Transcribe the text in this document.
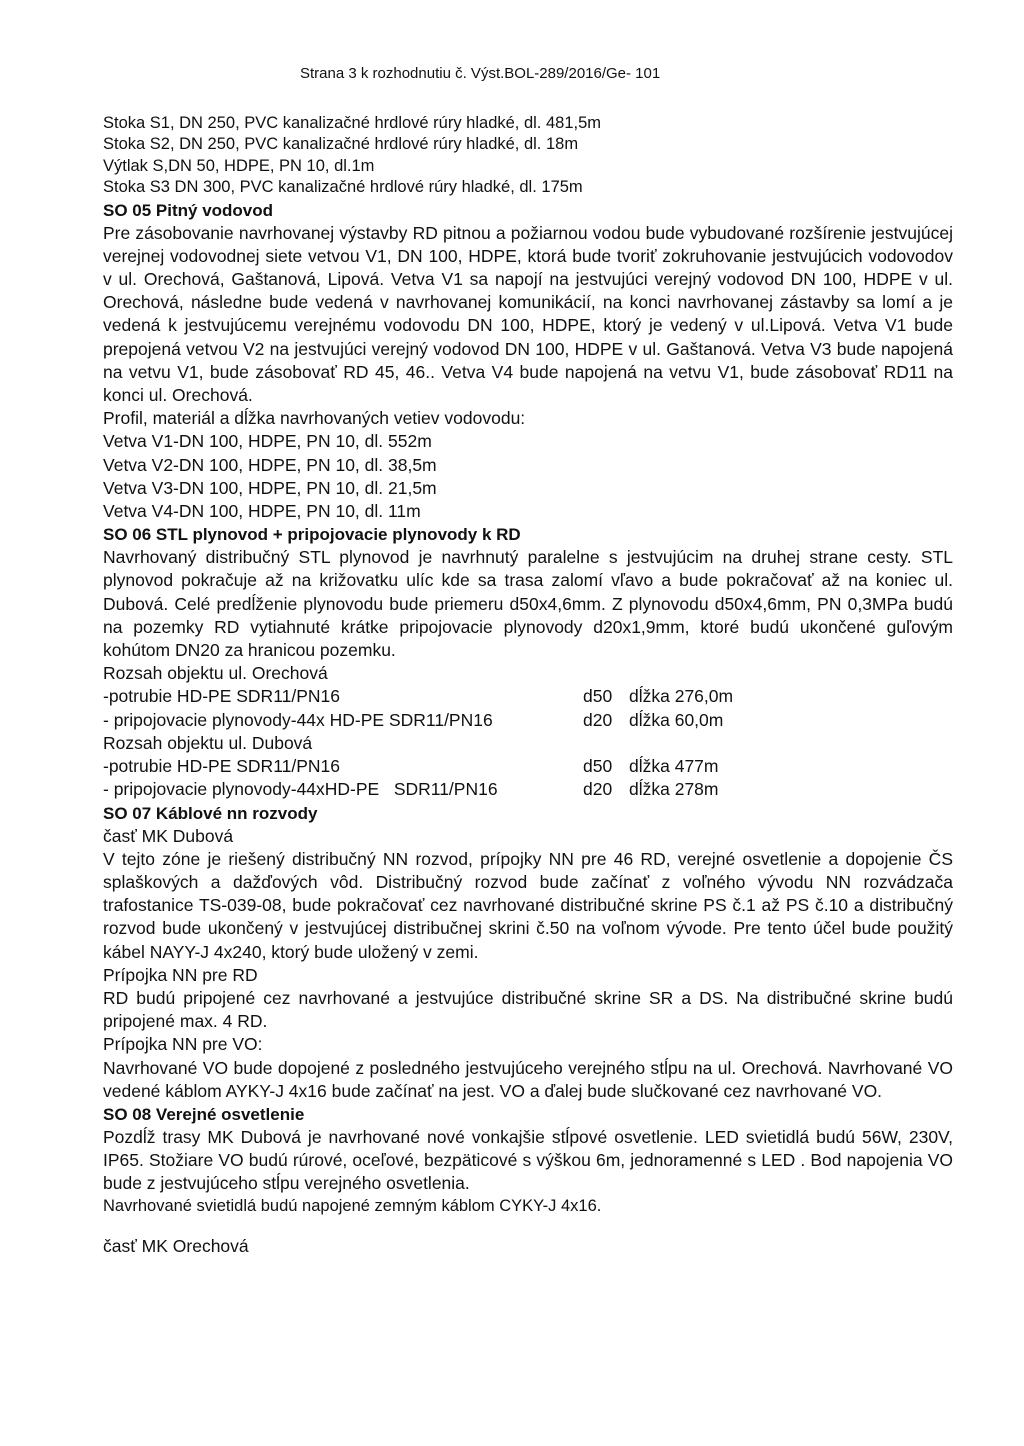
Strana 3 k rozhodnutiu č. Výst.BOL-289/2016/Ge- 101

Stoka S1, DN 250, PVC kanalizačné hrdlové rúry hladké, dl. 481,5m

Stoka S2, DN 250, PVC kanalizačné hrdlové rúry hladké, dl. 18m

Výtlak S,DN 50, HDPE, PN 10, dl.1m

Stoka S3 DN 300, PVC kanalizačné hrdlové rúry hladké, dl. 175m

SO 05 Pitný vodovod

Pre zásobovanie navrhovanej výstavby RD pitnou a požiarnou vodou bude vybudované rozšírenie jestvujúcej verejnej vodovodnej siete vetvou V1, DN 100, HDPE, ktorá bude tvoriť zokruhovanie jestvujúcich vodovodov v ul. Orechová, Gaštanová, Lipová. Vetva V1 sa napojí na jestvujúci verejný vodovod DN 100, HDPE v ul. Orechová, následne bude vedená v navrhovanej komunikácií, na konci navrhovanej zástavby sa lomí a je vedená k jestvujúcemu verejnému vodovodu DN 100, HDPE, ktorý je vedený v ul.Lipová. Vetva V1 bude prepojená vetvou V2 na jestvujúci verejný vodovod DN 100, HDPE v ul. Gaštanová. Vetva V3 bude napojená na vetvu V1, bude zásobovať RD 45, 46.. Vetva V4 bude napojená na vetvu V1, bude zásobovať RD11 na konci ul. Orechová.

Profil, materiál a dĺžka navrhovaných vetiev vodovodu:

Vetva V1-DN 100, HDPE, PN 10, dl. 552m

Vetva V2-DN 100, HDPE, PN 10, dl. 38,5m

Vetva V3-DN 100, HDPE, PN 10, dl. 21,5m

Vetva V4-DN 100, HDPE, PN 10, dl. 11m

SO 06 STL plynovod + pripojovacie plynovody k RD

Navrhovaný distribučný STL plynovod je navrhnutý paralelne s jestvujúcim na druhej strane cesty. STL plynovod pokračuje až na križovatku ulíc kde sa trasa zalomí vľavo a bude pokračovať až na koniec ul. Dubová. Celé predĺženie plynovodu bude priemeru d50x4,6mm. Z plynovodu d50x4,6mm, PN 0,3MPa budú na pozemky RD vytiahnuté krátke pripojovacie plynovody d20x1,9mm, ktoré budú ukončené guľovým kohútom DN20 za hranicou pozemku.

Rozsah objektu ul. Orechová

-potrubie HD-PE SDR11/PN16	d50 dĺžka 276,0m
- pripojovacie plynovody-44x HD-PE SDR11/PN16	d20 dĺžka 60,0m

Rozsah objektu ul. Dubová

-potrubie HD-PE SDR11/PN16	d50 dĺžka 477m
- pripojovacie plynovody-44xHD-PE   SDR11/PN16	d20 dĺžka 278m

SO 07 Káblové nn rozvody

časť MK Dubová

V tejto zóne je riešený distribučný NN rozvod, prípojky NN pre 46 RD, verejné osvetlenie a dopojenie ČS splaškových a dažďových vôd. Distribučný rozvod bude začínať z voľného vývodu NN rozvádzača trafostanice TS-039-08, bude pokračovať cez navrhované distribučné skrine PS č.1 až PS č.10 a distribučný rozvod bude ukončený v jestvujúcej distribučnej skrini č.50 na voľnom vývode. Pre tento účel bude použitý kábel NAYY-J 4x240, ktorý bude uložený v zemi.

Prípojka NN pre RD

RD budú pripojené cez navrhované a jestvujúce distribučné skrine SR a DS. Na distribučné skrine budú pripojené max. 4 RD.

Prípojka NN pre VO:

Navrhované VO bude dopojené z posledného jestvujúceho verejného stĺpu na ul. Orechová. Navrhované VO vedené káblom AYKY-J 4x16 bude začínať na jest. VO a ďalej bude slučkované cez navrhované VO.

SO 08 Verejné osvetlenie

Pozdĺž trasy MK Dubová je navrhované nové vonkajšie stĺpové osvetlenie. LED svietidlá budú 56W, 230V, IP65. Stožiare VO budú rúrové, oceľové, bezpäticové s výškou 6m, jednoramenné s LED . Bod napojenia VO bude z jestvujúceho stĺpu verejného osvetlenia.

Navrhované svietidlá budú napojené zemným káblom CYKY-J 4x16.

časť MK Orechová
